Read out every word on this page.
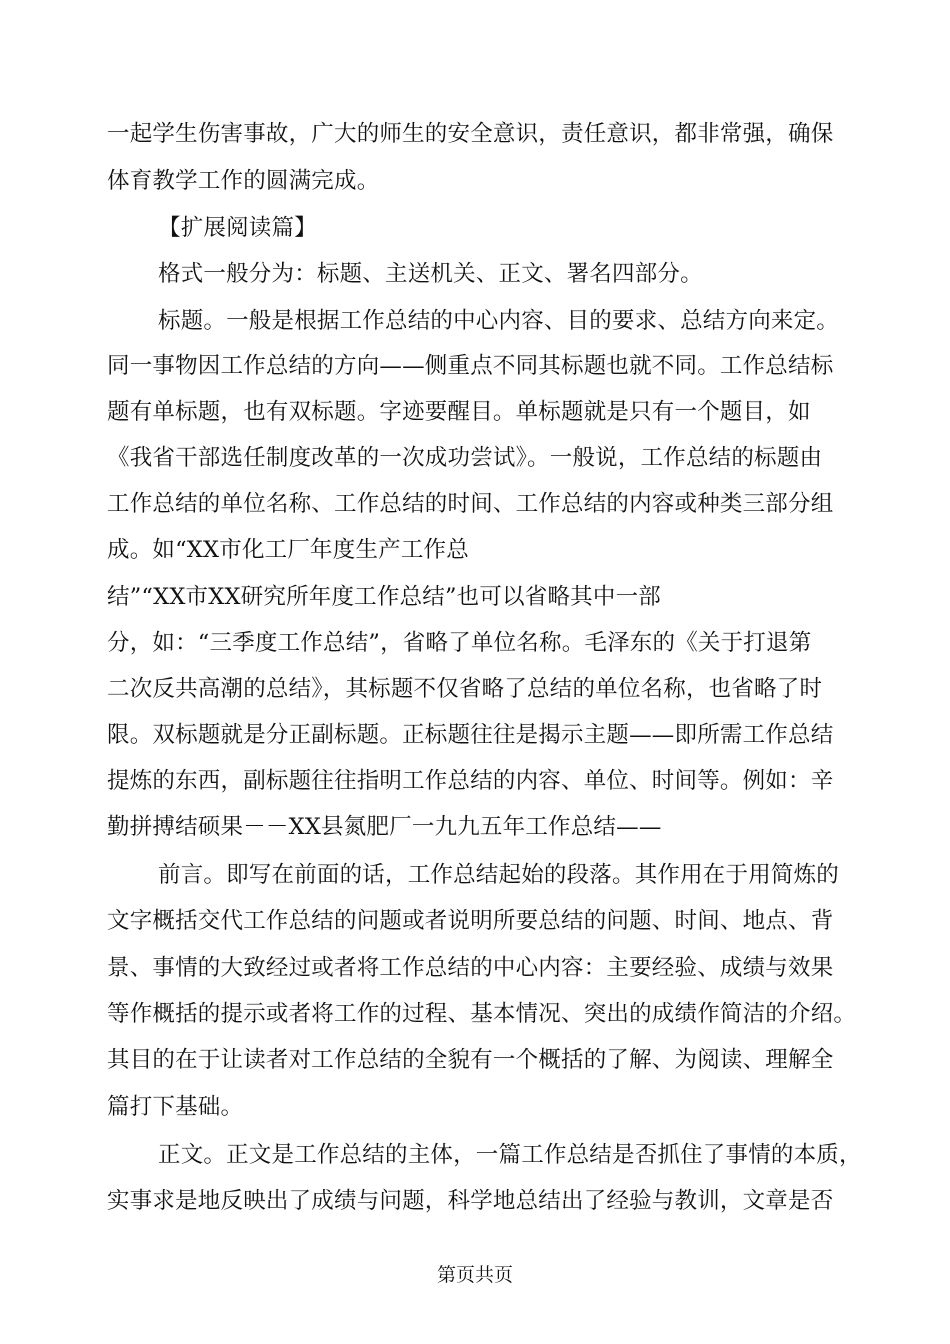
一起学生伤害事故，广大的师生的安全意识，责任意识，都非常强，确保
体育教学工作的圆满完成。
【扩展阅读篇】
格式一般分为：标题、主送机关、正文、署名四部分。
标题。一般是根据工作总结的中心内容、目的要求、总结方向来定。
同一事物因工作总结的方向——侧重点不同其标题也就不同。工作总结标
题有单标题，也有双标题。字迹要醒目。单标题就是只有一个题目，如
《我省干部选任制度改革的一次成功尝试》。一般说，工作总结的标题由
工作总结的单位名称、工作总结的时间、工作总结的内容或种类三部分组
成。如“XX市化工厂年度生产工作总
结”“XX市XX研究所年度工作总结”也可以省略其中一部
分，如：“三季度工作总结”，省略了单位名称。毛泽东的《关于打退第
二次反共高潮的总结》，其标题不仅省略了总结的单位名称，也省略了时
限。双标题就是分正副标题。正标题往往是揭示主题——即所需工作总结
提炼的东西，副标题往往指明工作总结的内容、单位、时间等。例如：辛
勤拼搏结硕果－－XX县氮肥厂一九九五年工作总结——
前言。即写在前面的话，工作总结起始的段落。其作用在于用简炼的
文字概括交代工作总结的问题或者说明所要总结的问题、时间、地点、背
景、事情的大致经过或者将工作总结的中心内容：主要经验、成绩与效果
等作概括的提示或者将工作的过程、基本情况、突出的成绩作简洁的介绍。
其目的在于让读者对工作总结的全貌有一个概括的了解、为阅读、理解全
篇打下基础。
正文。正文是工作总结的主体，一篇工作总结是否抓住了事情的本质，
实事求是地反映出了成绩与问题，科学地总结出了经验与教训，文章是否
第页共页
